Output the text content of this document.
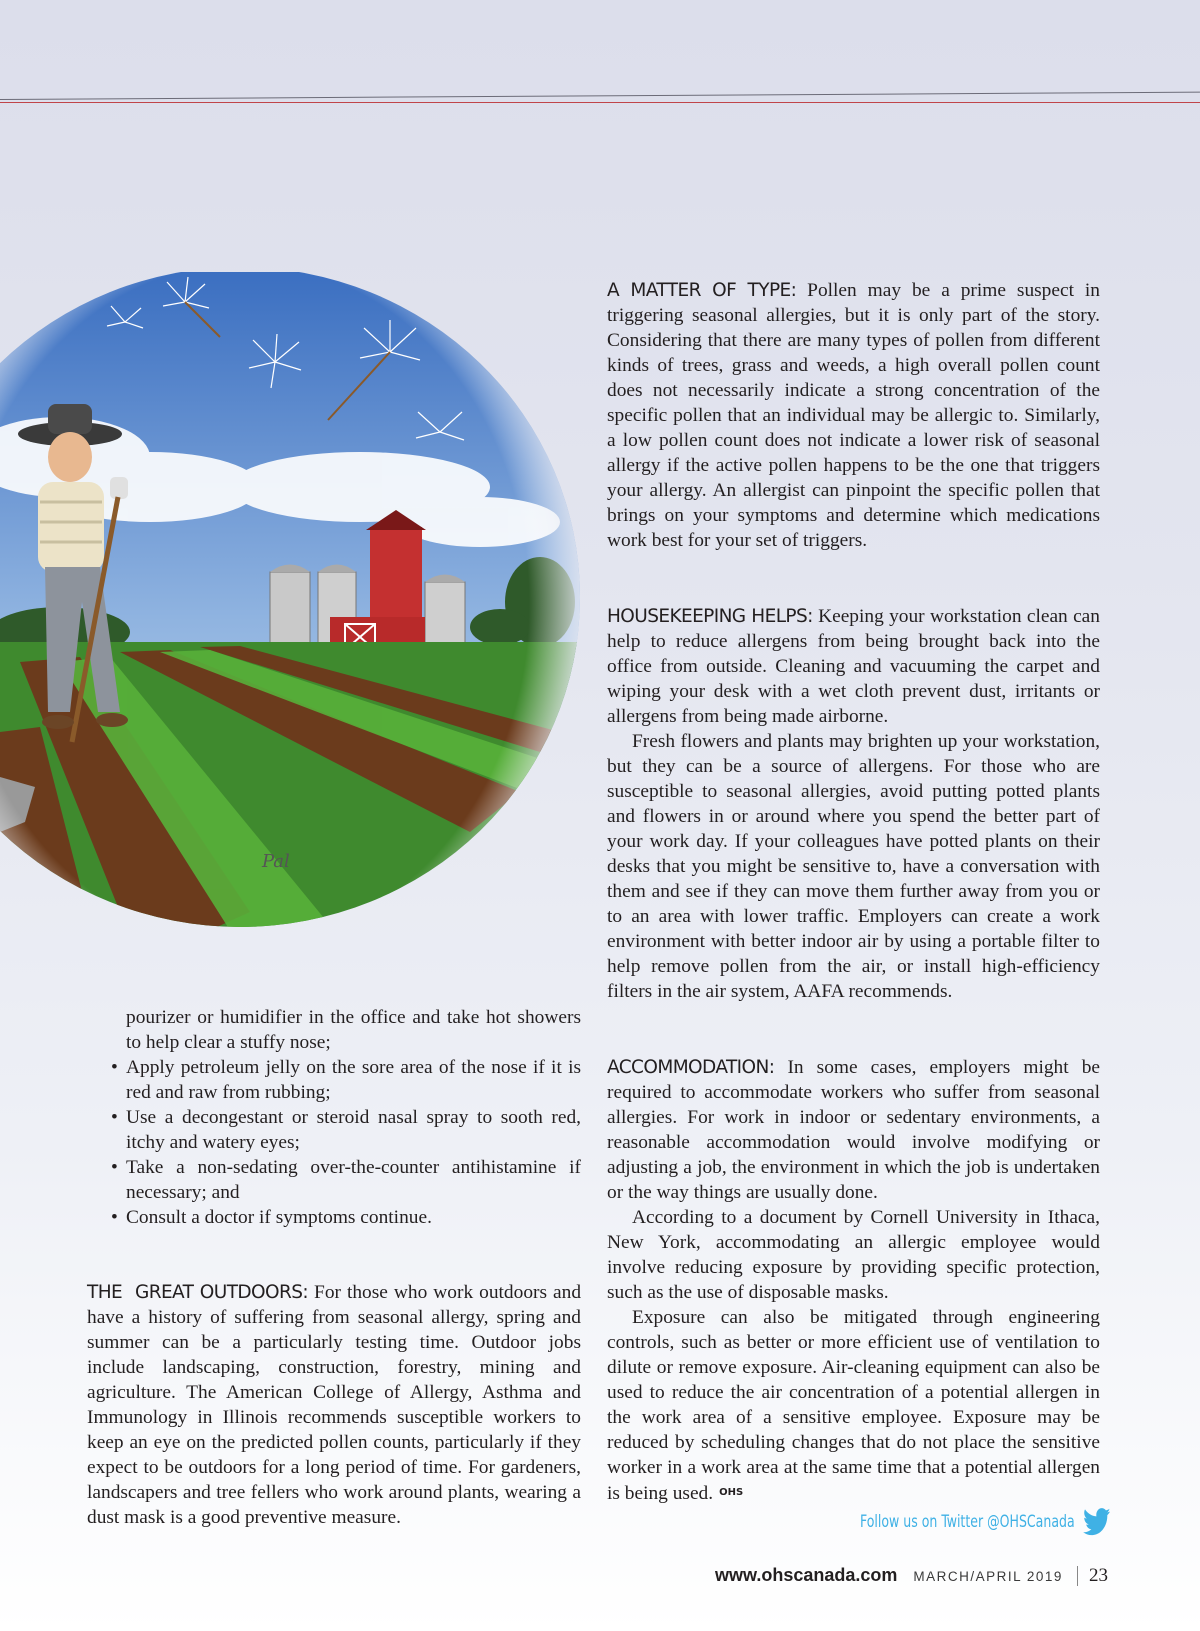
Pal

A MATTER OF TYPE: Pollen may be a prime suspect in triggering seasonal allergies, but it is only part of the story. Considering that there are many types of pollen from different kinds of trees, grass and weeds, a high overall pollen count does not necessarily indicate a strong concentration of the specific pollen that an individual may be allergic to. Similarly, a low pollen count does not indicate a lower risk of seasonal allergy if the active pollen happens to be the one that triggers your allergy. An allergist can pinpoint the specific pollen that brings on your symptoms and determine which medications work best for your set of triggers.

HOUSEKEEPING HELPS: Keeping your workstation clean can help to reduce allergens from being brought back into the office from outside. Cleaning and vacuuming the carpet and wiping your desk with a wet cloth prevent dust, irritants or allergens from being made airborne.

Fresh flowers and plants may brighten up your workstation, but they can be a source of allergens. For those who are susceptible to seasonal allergies, avoid putting potted plants and flowers in or around where you spend the better part of your work day. If your colleagues have potted plants on their desks that you might be sensitive to, have a conversation with them and see if they can move them further away from you or to an area with lower traffic. Employers can create a work environment with better indoor air by using a portable filter to help remove pollen from the air, or install high-efficiency filters in the air system, AAFA recommends.

ACCOMMODATION: In some cases, employers might be required to accommodate workers who suffer from seasonal allergies. For work in indoor or sedentary environments, a reasonable accommodation would involve modifying or adjusting a job, the environment in which the job is undertaken or the way things are usually done.

According to a document by Cornell University in Ithaca, New York, accommodating an allergic employee would involve reducing exposure by providing specific protection, such as the use of disposable masks.

Exposure can also be mitigated through engineering controls, such as better or more efficient use of ventilation to dilute or remove exposure. Air-cleaning equipment can also be used to reduce the air concentration of a potential allergen in the work area of a sensitive employee. Exposure may be reduced by scheduling changes that do not place the sensitive worker in a work area at the same time that a potential allergen is being used. $^{OHS}$

pourizer or humidifier in the office and take hot showers to help clear a stuffy nose;
• Apply petroleum jelly on the sore area of the nose if it is red and raw from rubbing;
• Use a decongestant or steroid nasal spray to sooth red, itchy and watery eyes;
• Take a non-sedating over-the-counter antihistamine if necessary; and
• Consult a doctor if symptoms continue.

THE  GREAT OUTDOORS: For those who work outdoors and have a history of suffering from seasonal allergy, spring and summer can be a particularly testing time. Outdoor jobs include landscaping, construction, forestry, mining and agriculture. The American College of Allergy, Asthma and Immunology in Illinois recommends susceptible workers to keep an eye on the predicted pollen counts, particularly if they expect to be outdoors for a long period of time. For gardeners, landscapers and tree fellers who work around plants, wearing a dust mask is a good preventive measure.	Follow us on Twitter @OHSCanada
www.ohscanada.com MARCH/APRIL 2019 23
